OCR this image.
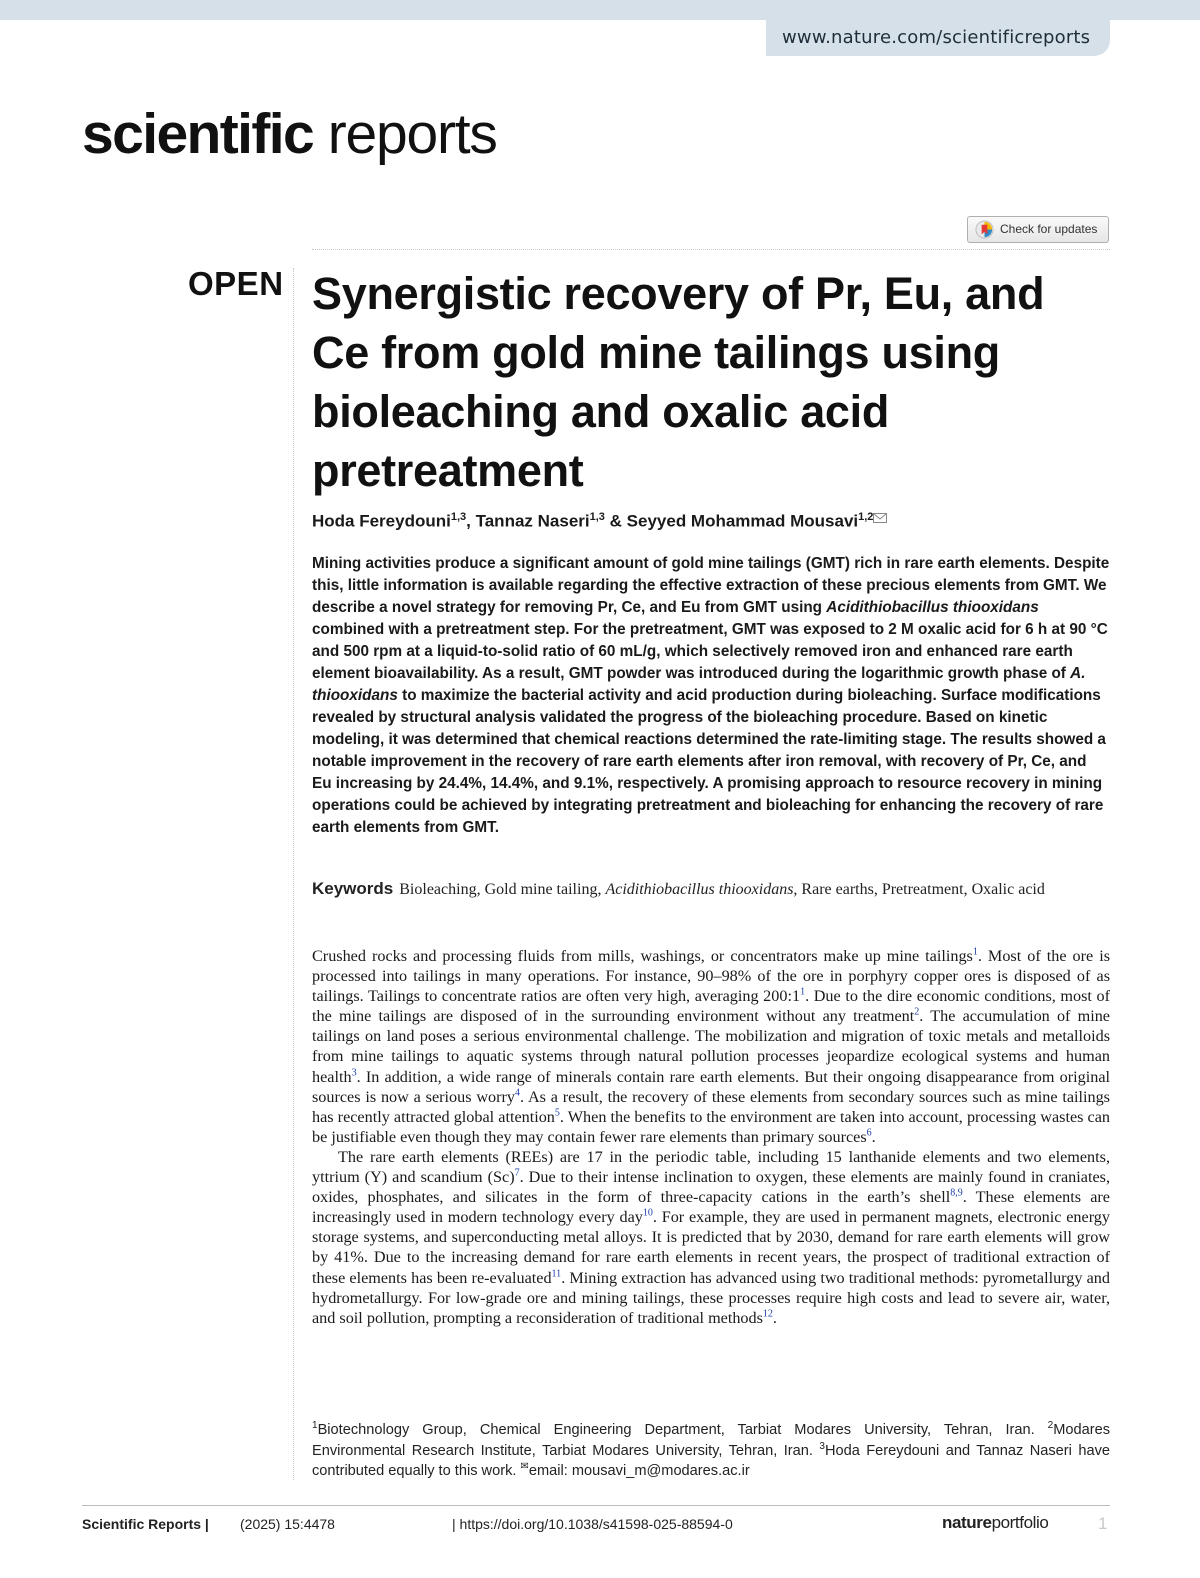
www.nature.com/scientificreports
scientific reports
Check for updates
OPEN Synergistic recovery of Pr, Eu, and Ce from gold mine tailings using bioleaching and oxalic acid pretreatment
Hoda Fereydouni$^{1,3}$, Tannaz Naseri$^{1,3}$ & Seyyed Mohammad Mousavi$^{1,2}$

Mining activities produce a significant amount of gold mine tailings (GMT) rich in rare earth elements. Despite this, little information is available regarding the effective extraction of these precious elements from GMT. We describe a novel strategy for removing Pr, Ce, and Eu from GMT using Acidithiobacillus thiooxidans combined with a pretreatment step. For the pretreatment, GMT was exposed to 2 M oxalic acid for 6 h at 90 °C and 500 rpm at a liquid-to-solid ratio of 60 mL/g, which selectively removed iron and enhanced rare earth element bioavailability. As a result, GMT powder was introduced during the logarithmic growth phase of A. thiooxidans to maximize the bacterial activity and acid production during bioleaching. Surface modifications revealed by structural analysis validated the progress of the bioleaching procedure. Based on kinetic modeling, it was determined that chemical reactions determined the rate-limiting stage. The results showed a notable improvement in the recovery of rare earth elements after iron removal, with recovery of Pr, Ce, and Eu increasing by 24.4%, 14.4%, and 9.1%, respectively. A promising approach to resource recovery in mining operations could be achieved by integrating pretreatment and bioleaching for enhancing the recovery of rare earth elements from GMT.

Keywords Bioleaching, Gold mine tailing, Acidithiobacillus thiooxidans, Rare earths, Pretreatment, Oxalic acid

Crushed rocks and processing fluids from mills, washings, or concentrators make up mine tailings$^1$. Most of the ore is processed into tailings in many operations. For instance, 90–98% of the ore in porphyry copper ores is disposed of as tailings. Tailings to concentrate ratios are often very high, averaging $200:1^1$. Due to the dire economic conditions, most of the mine tailings are disposed of in the surrounding environment without any treatment$^2$. The accumulation of mine tailings on land poses a serious environmental challenge. The mobilization and migration of toxic metals and metalloids from mine tailings to aquatic systems through natural pollution processes jeopardize ecological systems and human health$^3$. In addition, a wide range of minerals contain rare earth elements. But their ongoing disappearance from original sources is now a serious worry$^4$. As a result, the recovery of these elements from secondary sources such as mine tailings has recently attracted global attention$^5$. When the benefits to the environment are taken into account, processing wastes can be justifiable even though they may contain fewer rare elements than primary sources$^6$.

The rare earth elements (REEs) are 17 in the periodic table, including 15 lanthanide elements and two elements, yttrium (Y) and scandium $(Sc)^7$. Due to their intense inclination to oxygen, these elements are mainly found in craniates, oxides, phosphates, and silicates in the form of three-capacity cations in the earth’s shell$^{8,9}$. These elements are increasingly used in modern technology every day$^{10}$. For example, they are used in permanent magnets, electronic energy storage systems, and superconducting metal alloys. It is predicted that by 2030, demand for rare earth elements will grow by 41%. Due to the increasing demand for rare earth elements in recent years, the prospect of traditional extraction of these elements has been re-evaluated$^{11}$. Mining extraction has advanced using two traditional methods: pyrometallurgy and hydrometallurgy. For low-grade ore and mining tailings, these processes require high costs and lead to severe air, water, and soil pollution, prompting a reconsideration of traditional methods$^{12}$.

$^1$Biotechnology Group, Chemical Engineering Department, Tarbiat Modares University, Tehran, Iran. $^2$Modares Environmental Research Institute, Tarbiat Modares University, Tehran, Iran. $^3$Hoda Fereydouni and Tannaz Naseri have contributed equally to this work. ✉email: mousavi_m@modares.ac.ir
Scientific Reports | (2025) 15:4478	| https://doi.org/10.1038/s41598-025-88594-0	natureportfolio	1
